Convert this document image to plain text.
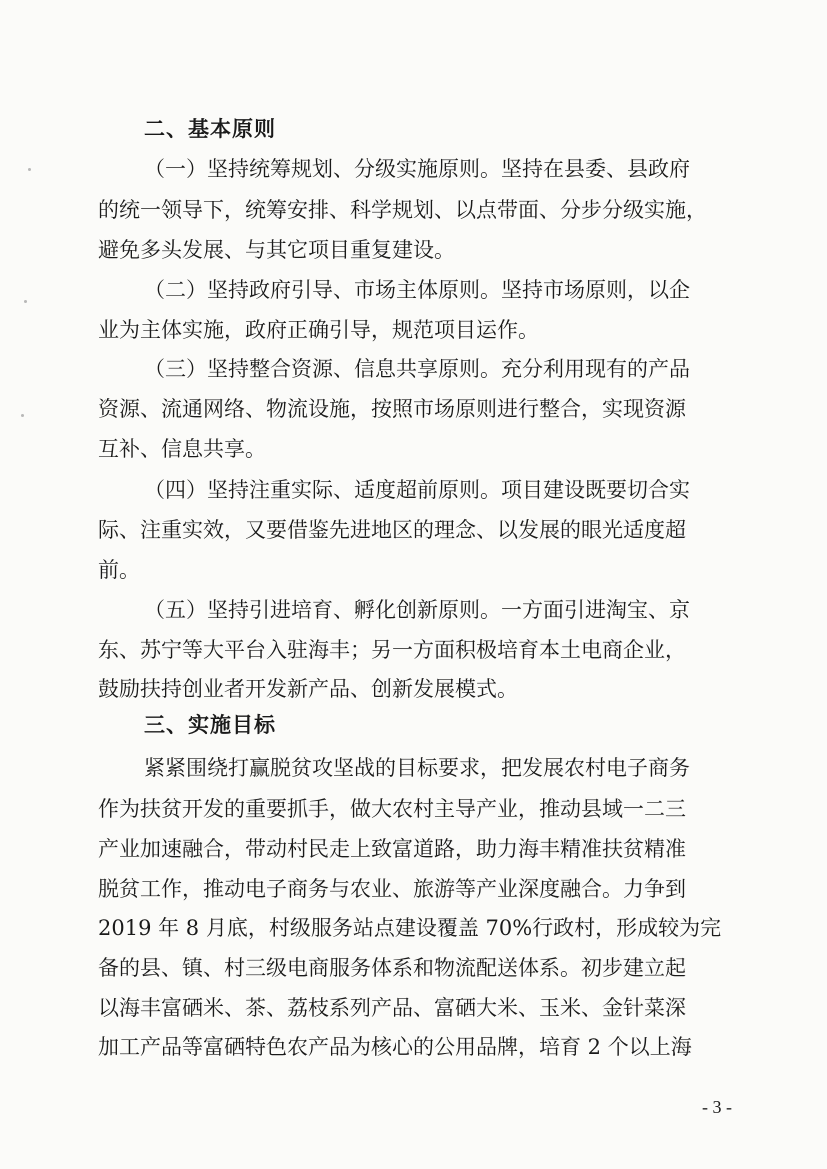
二、基本原则
（一）坚持统筹规划、分级实施原则。坚持在县委、县政府
的统一领导下，统筹安排、科学规划、以点带面、分步分级实施，
避免多头发展、与其它项目重复建设。
（二）坚持政府引导、市场主体原则。坚持市场原则，以企
业为主体实施，政府正确引导，规范项目运作。
（三）坚持整合资源、信息共享原则。充分利用现有的产品
资源、流通网络、物流设施，按照市场原则进行整合，实现资源
互补、信息共享。
（四）坚持注重实际、适度超前原则。项目建设既要切合实
际、注重实效，又要借鉴先进地区的理念、以发展的眼光适度超
前。
（五）坚持引进培育、孵化创新原则。一方面引进淘宝、京
东、苏宁等大平台入驻海丰；另一方面积极培育本土电商企业，
鼓励扶持创业者开发新产品、创新发展模式。
三、实施目标
紧紧围绕打赢脱贫攻坚战的目标要求，把发展农村电子商务
作为扶贫开发的重要抓手，做大农村主导产业，推动县域一二三
产业加速融合，带动村民走上致富道路，助力海丰精准扶贫精准
脱贫工作，推动电子商务与农业、旅游等产业深度融合。力争到
2019 年 8 月底，村级服务站点建设覆盖 70%行政村，形成较为完
备的县、镇、村三级电商服务体系和物流配送体系。初步建立起
以海丰富硒米、茶、荔枝系列产品、富硒大米、玉米、金针菜深
加工产品等富硒特色农产品为核心的公用品牌，培育 2 个以上海
- 3 -
